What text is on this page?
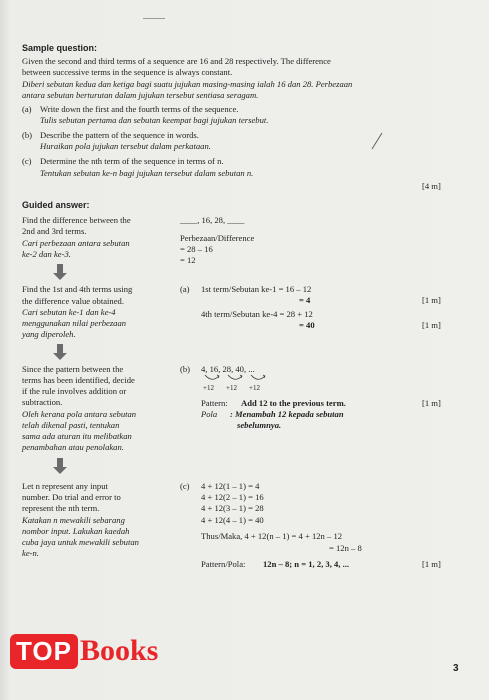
Sample question:
Given the second and third terms of a sequence are 16 and 28 respectively. The difference
between successive terms in the sequence is always constant.
Diberi sebutan kedua dan ketiga bagi suatu jujukan masing-masing ialah 16 dan 28. Perbezaan
antara sebutan berturutan dalam jujukan tersebut sentiasa seragam.
(a) Write down the first and the fourth terms of the sequence.
Tulis sebutan pertama dan sebutan keempat bagi jujukan tersebut.
(b) Describe the pattern of the sequence in words.
Huraikan pola jujukan tersebut dalam perkataan.
(c) Determine the nth term of the sequence in terms of n.
Tentukan sebutan ke-n bagi jujukan tersebut dalam sebutan n.
[4 m]
Guided answer:
Find the difference between the
2nd and 3rd terms.
Cari perbezaan antara sebutan
ke-2 dan ke-3.
____, 16, 28, ____
Perbezaan/Difference
= 28 – 16
= 12
Find the 1st and 4th terms using
the difference value obtained.
Cari sebutan ke-1 dan ke-4
menggunakan nilai perbezaan
yang diperoleh.
(a) 1st term/Sebutan ke-1 = 16 – 12
= 4
4th term/Sebutan ke-4 = 28 + 12
= 40
[1 m]
[1 m]
Since the pattern between the
terms has been identified, decide
if the rule involves addition or
subtraction.
Oleh kerana pola antara sebutan
telah dikenal pasti, tentukan
sama ada aturan itu melibatkan
penambahan atau penolakan.
(b) 4, 16, 28, 40, ...
+12 +12 +12
Pattern: Add 12 to the previous term.
Pola : Menambah 12 kepada sebutan
sebelumnya.
[1 m]
Let n represent any input
number. Do trial and error to
represent the nth term.
Katakan n mewakili sebarang
nombor input. Lakukan kaedah
cuba jaya untuk mewakili sebutan
ke-n.
(c) 4 + 12(1 – 1) = 4
4 + 12(2 – 1) = 16
4 + 12(3 – 1) = 28
4 + 12(4 – 1) = 40
Thus/Maka, 4 + 12(n – 1) = 4 + 12n – 12
= 12n – 8
Pattern/Pola: 12n – 8; n = 1, 2, 3, 4, ...	[1 m]
TOP Books
3
